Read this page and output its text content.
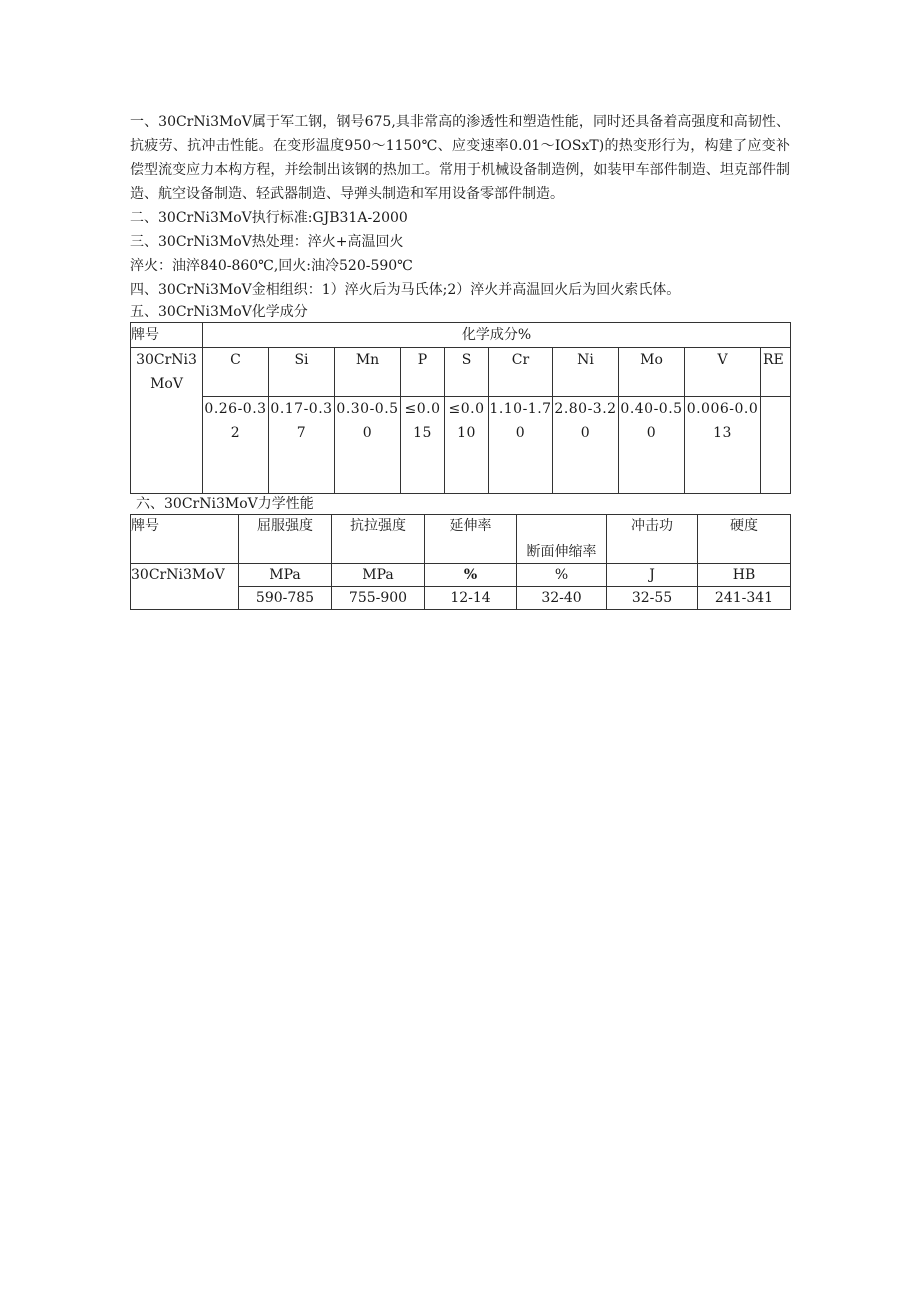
一、30CrNi3MoV属于军工钢，钢号675,具非常高的渗透性和塑造性能，同时还具备着高强度和高韧性、抗疲劳、抗冲击性能。在变形温度950～1150℃、应变速率0.01～IOSxT)的热变形行为，构建了应变补偿型流变应力本构方程，并绘制出该钢的热加工。常用于机械设备制造例，如装甲车部件制造、坦克部件制造、航空设备制造、轻武器制造、导弹头制造和军用设备零部件制造。

二、30CrNi3MoV执行标准:GJB31A-2000

三、30CrNi3MoV热处理：淬火+高温回火

淬火：油淬840-860℃,回火:油冷520-590℃

四、30CrNi3MoV金相组织：1）淬火后为马氏体;2）淬火并高温回火后为回火索氏体。

五、30CrNi3MoV化学成分

牌号	化学成分%									
30CrNi3MoV	C	Si	Mn	P	S	Cr	Ni	Mo	V	RE
	0.26-0.32	0.17-0.37	0.30-0.50	≤0.015	≤0.010	1.10-1.70	2.80-3.20	0.40-0.50	0.006-0.013	

六、30CrNi3MoV力学性能

牌号	屈服强度	抗拉强度	延伸率	断面伸缩率	冲击功	硬度
30CrNi3MoV	MPa	MPa	%	%	J	HB
	590-785	755-900	12-14	32-40	32-55	241-341
